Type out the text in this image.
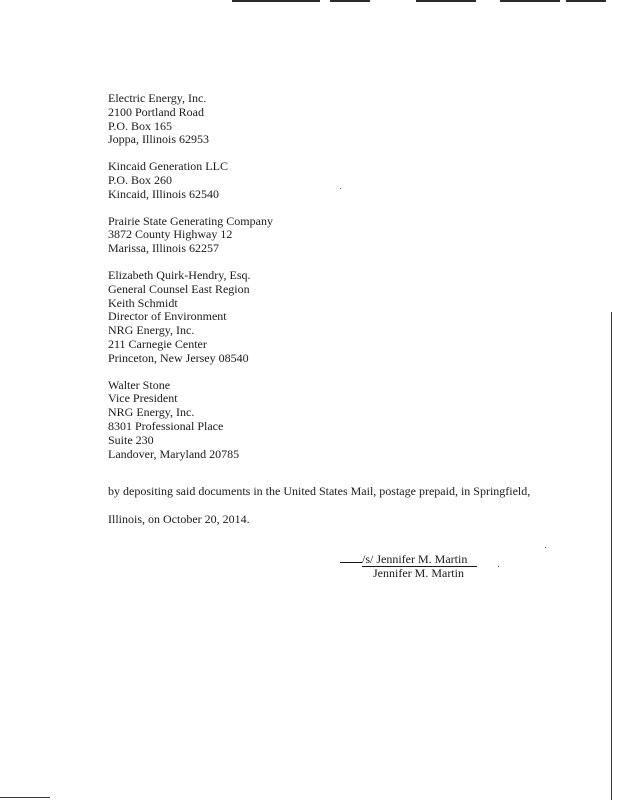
Electric Energy, Inc.
2100 Portland Road
P.O. Box 165
Joppa, Illinois 62953
Kincaid Generation LLC
P.O. Box 260
Kincaid, Illinois 62540
Prairie State Generating Company
3872 County Highway 12
Marissa, Illinois 62257
Elizabeth Quirk-Hendry, Esq.
General Counsel East Region
Keith Schmidt
Director of Environment
NRG Energy, Inc.
211 Carnegie Center
Princeton, New Jersey 08540
Walter Stone
Vice President
NRG Energy, Inc.
8301 Professional Place
Suite 230
Landover, Maryland 20785
by depositing said documents in the United States Mail, postage prepaid, in Springfield,
Illinois, on October 20, 2014.
/s/ Jennifer M. Martin
Jennifer M. Martin
